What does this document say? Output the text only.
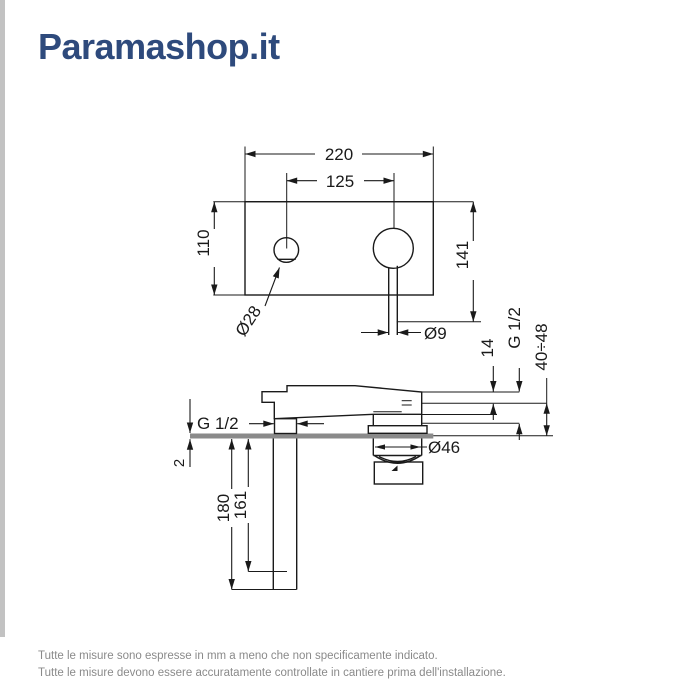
Paramashop.it
220
125
110	141
Ø28	Ø9
G 1/2
2
180
161
14 G 1/2 40÷48
Ø46
Tutte le misure sono espresse in mm a meno che non specificamente indicato.
Tutte le misure devono essere accuratamente controllate in cantiere prima dell'installazione.
